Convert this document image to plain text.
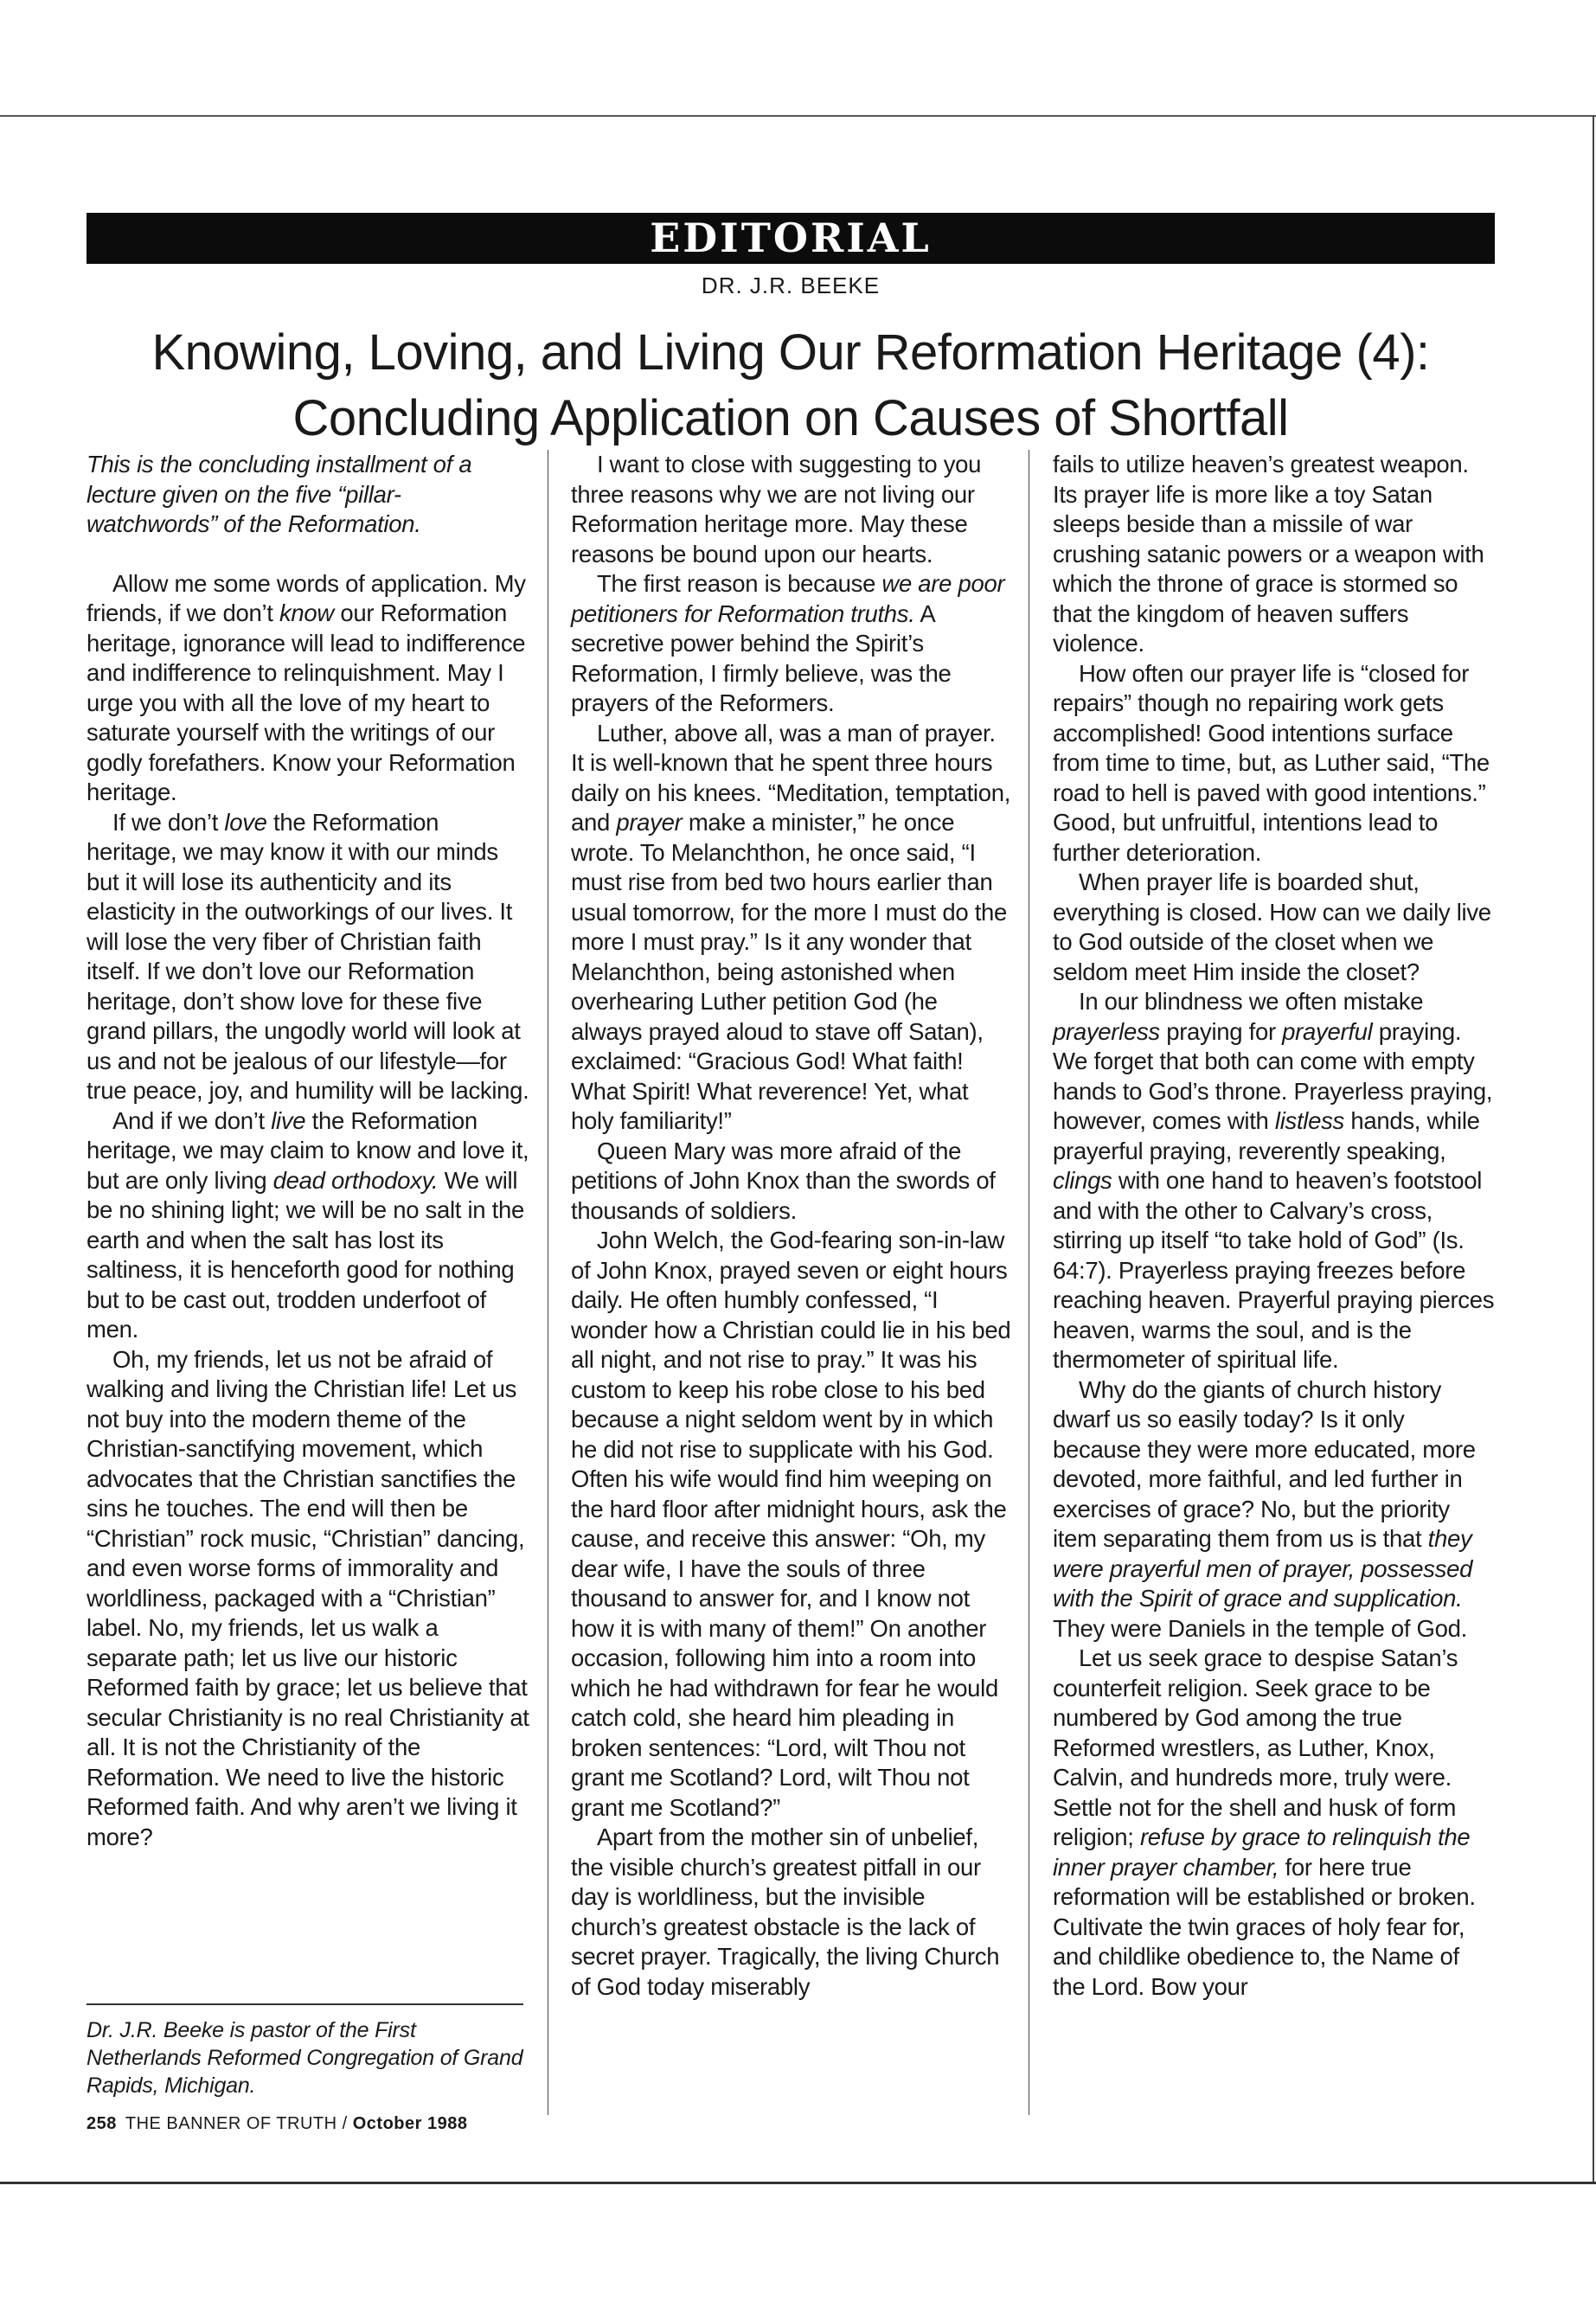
EDITORIAL
DR. J.R. BEEKE
Knowing, Loving, and Living Our Reformation Heritage (4):
Concluding Application on Causes of Shortfall

This is the concluding installment of a lecture given on the five “pillar-watchwords” of the Reformation.

Allow me some words of application. My friends, if we don’t know our Reformation heritage, ignorance will lead to indifference and indifference to relinquishment. May I urge you with all the love of my heart to saturate yourself with the writings of our godly forefathers. Know your Reformation heritage.

If we don’t love the Reformation heritage, we may know it with our minds but it will lose its authenticity and its elasticity in the outworkings of our lives. It will lose the very fiber of Christian faith itself. If we don’t love our Reformation heritage, don’t show love for these five grand pillars, the ungodly world will look at us and not be jealous of our lifestyle—for true peace, joy, and humility will be lacking.

And if we don’t live the Reformation heritage, we may claim to know and love it, but are only living dead orthodoxy. We will be no shining light; we will be no salt in the earth and when the salt has lost its saltiness, it is henceforth good for nothing but to be cast out, trodden underfoot of men.

Oh, my friends, let us not be afraid of walking and living the Christian life! Let us not buy into the modern theme of the Christian-sanctifying movement, which advocates that the Christian sanctifies the sins he touches. The end will then be “Christian” rock music, “Christian” dancing, and even worse forms of immorality and worldliness, packaged with a “Christian” label. No, my friends, let us walk a separate path; let us live our historic Reformed faith by grace; let us believe that secular Christianity is no real Christianity at all. It is not the Christianity of the Reformation. We need to live the historic Reformed faith. And why aren’t we living it more?

Dr. J.R. Beeke is pastor of the First Netherlands Reformed Congregation of Grand Rapids, Michigan.
258 THE BANNER OF TRUTH / October 1988

I want to close with suggesting to you three reasons why we are not living our Reformation heritage more. May these reasons be bound upon our hearts.

The first reason is because we are poor petitioners for Reformation truths. A secretive power behind the Spirit’s Reformation, I firmly believe, was the prayers of the Reformers.

Luther, above all, was a man of prayer. It is well-known that he spent three hours daily on his knees. “Meditation, temptation, and prayer make a minister,” he once wrote. To Melanchthon, he once said, “I must rise from bed two hours earlier than usual tomorrow, for the more I must do the more I must pray.” Is it any wonder that Melanchthon, being astonished when overhearing Luther petition God (he always prayed aloud to stave off Satan), exclaimed: “Gracious God! What faith! What Spirit! What reverence! Yet, what holy familiarity!”

Queen Mary was more afraid of the petitions of John Knox than the swords of thousands of soldiers.

John Welch, the God-fearing son-in-law of John Knox, prayed seven or eight hours daily. He often humbly confessed, “I wonder how a Christian could lie in his bed all night, and not rise to pray.” It was his custom to keep his robe close to his bed because a night seldom went by in which he did not rise to supplicate with his God. Often his wife would find him weeping on the hard floor after midnight hours, ask the cause, and receive this answer: “Oh, my dear wife, I have the souls of three thousand to answer for, and I know not how it is with many of them!” On another occasion, following him into a room into which he had withdrawn for fear he would catch cold, she heard him pleading in broken sentences: “Lord, wilt Thou not grant me Scotland? Lord, wilt Thou not grant me Scotland?”

Apart from the mother sin of unbelief, the visible church’s greatest pitfall in our day is worldliness, but the invisible church’s greatest obstacle is the lack of secret prayer. Tragically, the living Church of God today miserably

fails to utilize heaven’s greatest weapon. Its prayer life is more like a toy Satan sleeps beside than a missile of war crushing satanic powers or a weapon with which the throne of grace is stormed so that the kingdom of heaven suffers violence.

How often our prayer life is “closed for repairs” though no repairing work gets accomplished! Good intentions surface from time to time, but, as Luther said, “The road to hell is paved with good intentions.” Good, but unfruitful, intentions lead to further deterioration.

When prayer life is boarded shut, everything is closed. How can we daily live to God outside of the closet when we seldom meet Him inside the closet?

In our blindness we often mistake prayerless praying for prayerful praying. We forget that both can come with empty hands to God’s throne. Prayerless praying, however, comes with listless hands, while prayerful praying, reverently speaking, clings with one hand to heaven’s footstool and with the other to Calvary’s cross, stirring up itself “to take hold of God” (Is. 64:7). Prayerless praying freezes before reaching heaven. Prayerful praying pierces heaven, warms the soul, and is the thermometer of spiritual life.

Why do the giants of church history dwarf us so easily today? Is it only because they were more educated, more devoted, more faithful, and led further in exercises of grace? No, but the priority item separating them from us is that they were prayerful men of prayer, possessed with the Spirit of grace and supplication. They were Daniels in the temple of God.

Let us seek grace to despise Satan’s counterfeit religion. Seek grace to be numbered by God among the true Reformed wrestlers, as Luther, Knox, Calvin, and hundreds more, truly were. Settle not for the shell and husk of form religion; refuse by grace to relinquish the inner prayer chamber, for here true reformation will be established or broken. Cultivate the twin graces of holy fear for, and childlike obedience to, the Name of the Lord. Bow your
